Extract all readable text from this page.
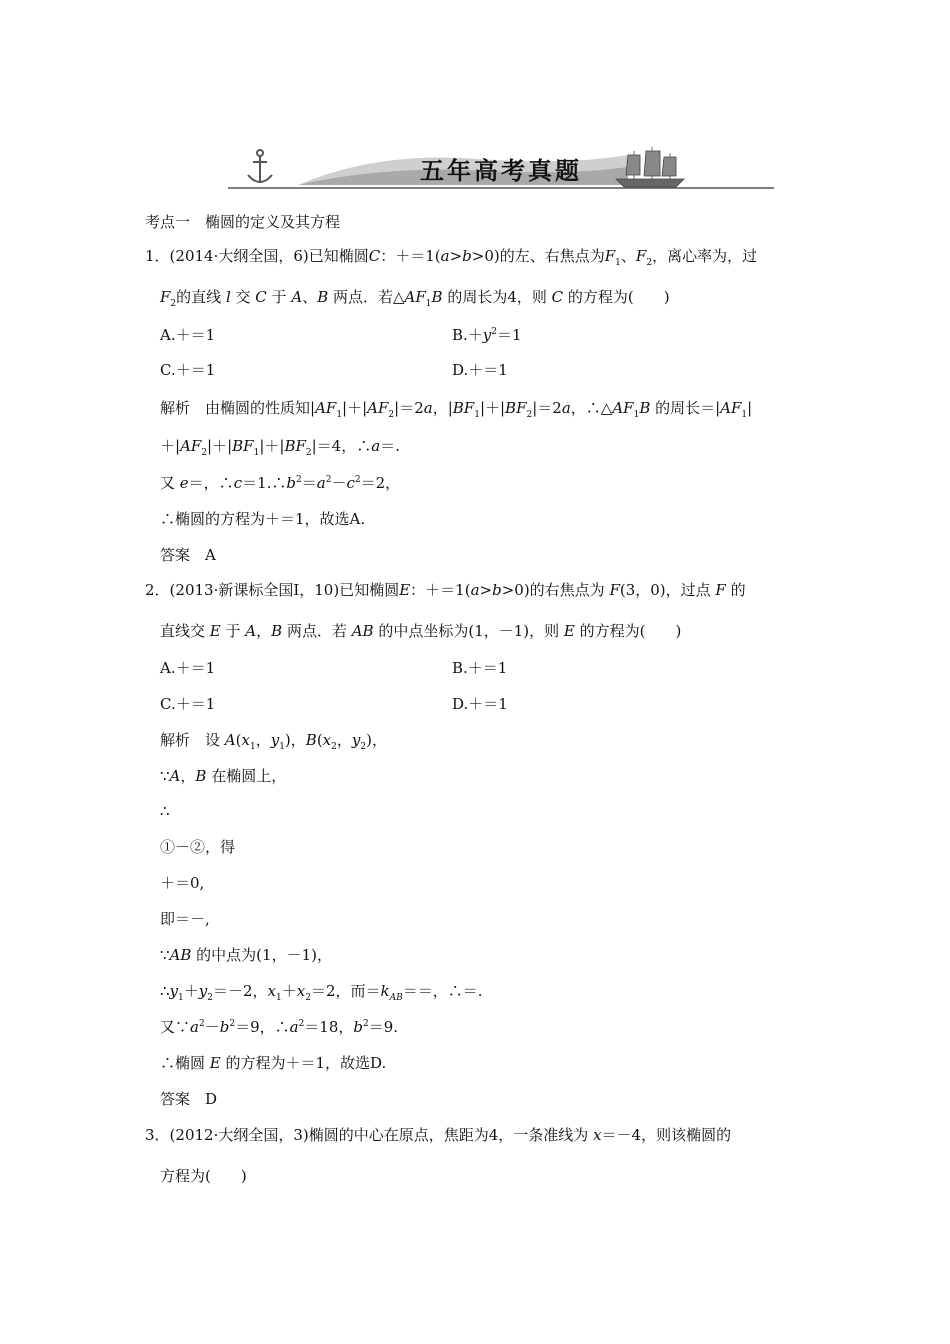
五年高考真题
考点一　椭圆的定义及其方程
1．(2014·大纲全国，6)已知椭圆C：＋＝1(a>b>0)的左、右焦点为$F_1$、$F_2$，离心率为，过
$F_2$的直线 l 交 C 于 A、B 两点．若$\triangle AF_1B$ 的周长为4，则 C 的方程为(　　)
A.＋＝1	$B.+y^2=1$
C.＋＝1	D.＋＝1
解析　由椭圆的性质知$|AF_1|+|AF_2|=2a$，$|BF_1|+|BF_2|=2a$，$\therefore\triangle AF_1B$ 的周长$=|AF_1|$
$+|AF_2|+|BF_1|+|BF_2|=4$，∴a＝.
又 e＝，$\therefore c=1.\therefore b^2=a^2-c^2=2$，
∴椭圆的方程为＋＝1，故选A.
答案　A
2．(2013·新课标全国Ⅰ，10)已知椭圆E：＋＝1(a>b>0)的右焦点为 F(3，0)，过点 F 的
直线交 E 于 A，B 两点．若 AB 的中点坐标为(1，－1)，则 E 的方程为(　　)
A.＋＝1	B.＋＝1
C.＋＝1	D.＋＝1
解析　设 $A(x_1$，$y_1$)，$B(x_2$，$y_2$)，
∵A，B 在椭圆上，
∴
①－②，得
＋＝0,
即＝－,
∵AB 的中点为(1，－1)，
$\therefore y_1+y_2=-2$，$x_1+x_2=2$，而$=k_{AB}==$，∴＝.
又$\because a^2-b^2=9$，$\therefore a^2=18$，$b^2=9$.
∴椭圆 E 的方程为＋＝1，故选D.
答案　D
3．(2012·大纲全国，3)椭圆的中心在原点，焦距为4，一条准线为 x＝－4，则该椭圆的
方程为(　　)
